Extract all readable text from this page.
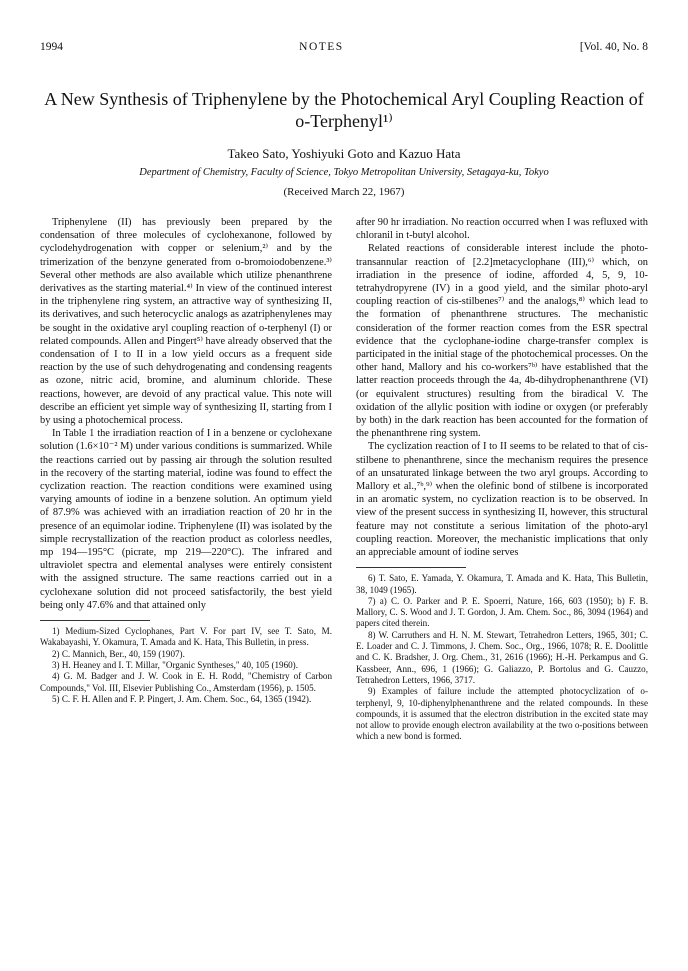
1994	NOTES	[Vol. 40, No. 8
A New Synthesis of Triphenylene by the Photochemical Aryl Coupling Reaction of o-Terphenyl¹⁾
Takeo Sato, Yoshiyuki Goto and Kazuo Hata
Department of Chemistry, Faculty of Science, Tokyo Metropolitan University, Setagaya-ku, Tokyo
(Received March 22, 1967)

Triphenylene (II) has previously been prepared by the condensation of three molecules of cyclohexanone, followed by cyclodehydrogenation with copper or selenium,²⁾ and by the trimerization of the benzyne generated from o-bromoiodobenzene.³⁾ Several other methods are also available which utilize phenanthrene derivatives as the starting material.⁴⁾ In view of the continued interest in the triphenylene ring system, an attractive way of synthesizing II, its derivatives, and such heterocyclic analogs as azatriphenylenes may be sought in the oxidative aryl coupling reaction of o-terphenyl (I) or related compounds. Allen and Pingert⁵⁾ have already observed that the condensation of I to II in a low yield occurs as a frequent side reaction by the use of such dehydrogenating and condensing reagents as ozone, nitric acid, bromine, and aluminum chloride. These reactions, however, are devoid of any practical value. This note will describe an efficient yet simple way of synthesizing II, starting from I by using a photochemical process.

In Table 1 the irradiation reaction of I in a benzene or cyclohexane solution (1.6×10⁻² M) under various conditions is summarized. While the reactions carried out by passing air through the solution resulted in the recovery of the starting material, iodine was found to effect the cyclization reaction. The reaction conditions were examined using varying amounts of iodine in a benzene solution. An optimum yield of 87.9% was achieved with an irradiation reaction of 20 hr in the presence of an equimolar iodine. Triphenylene (II) was isolated by the simple recrystallization of the reaction product as colorless needles, mp 194—195°C (picrate, mp 219—220°C). The infrared and ultraviolet spectra and elemental analyses were entirely consistent with the assigned structure. The same reactions carried out in a cyclohexane solution did not proceed satisfactorily, the best yield being only 47.6% and that attained only

1) Medium-Sized Cyclophanes, Part V. For part IV, see T. Sato, M. Wakabayashi, Y. Okamura, T. Amada and K. Hata, This Bulletin, in press.

2) C. Mannich, Ber., 40, 159 (1907).

3) H. Heaney and I. T. Millar, "Organic Syntheses," 40, 105 (1960).

4) G. M. Badger and J. W. Cook in E. H. Rodd, "Chemistry of Carbon Compounds," Vol. III, Elsevier Publishing Co., Amsterdam (1956), p. 1505.

5) C. F. H. Allen and F. P. Pingert, J. Am. Chem. Soc., 64, 1365 (1942).

after 90 hr irradiation. No reaction occurred when I was refluxed with chloranil in t-butyl alcohol.

Related reactions of considerable interest include the photo-transannular reaction of [2.2]metacyclophane (III),⁶⁾ which, on irradiation in the presence of iodine, afforded 4, 5, 9, 10-tetrahydropyrene (IV) in a good yield, and the similar photo-aryl coupling reaction of cis-stilbenes⁷⁾ and the analogs,⁸⁾ which lead to the formation of phenanthrene structures. The mechanistic consideration of the former reaction comes from the ESR spectral evidence that the cyclophane-iodine charge-transfer complex is participated in the initial stage of the photochemical processes. On the other hand, Mallory and his co-workers⁷ᵇ⁾ have established that the latter reaction proceeds through the 4a, 4b-dihydrophenanthrene (VI) (or equivalent structures) resulting from the biradical V. The oxidation of the allylic position with iodine or oxygen (or preferably by both) in the dark reaction has been accounted for the formation of the phenanthrene ring system.

The cyclization reaction of I to II seems to be related to that of cis-stilbene to phenanthrene, since the mechanism requires the presence of an unsaturated linkage between the two aryl groups. According to Mallory et al.,⁷ᵇ,⁹⁾ when the olefinic bond of stilbene is incorporated in an aromatic system, no cyclization reaction is to be observed. In view of the present success in synthesizing II, however, this structural feature may not constitute a serious limitation of the photo-aryl coupling reaction. Moreover, the mechanistic implications that only an appreciable amount of iodine serves

6) T. Sato, E. Yamada, Y. Okamura, T. Amada and K. Hata, This Bulletin, 38, 1049 (1965).

7) a) C. O. Parker and P. E. Spoerri, Nature, 166, 603 (1950); b) F. B. Mallory, C. S. Wood and J. T. Gordon, J. Am. Chem. Soc., 86, 3094 (1964) and papers cited therein.

8) W. Carruthers and H. N. M. Stewart, Tetrahedron Letters, 1965, 301; C. E. Loader and C. J. Timmons, J. Chem. Soc., Org., 1966, 1078; R. E. Doolittle and C. K. Bradsher, J. Org. Chem., 31, 2616 (1966); H.-H. Perkampus and G. Kassbeer, Ann., 696, 1 (1966); G. Galiazzo, P. Bortolus and G. Cauzzo, Tetrahedron Letters, 1966, 3717.

9) Examples of failure include the attempted photocyclization of o-terphenyl, 9, 10-diphenylphenanthrene and the related compounds. In these compounds, it is assumed that the electron distribution in the excited state may not allow to provide enough electron availability at the two o-positions between which a new bond is formed.
